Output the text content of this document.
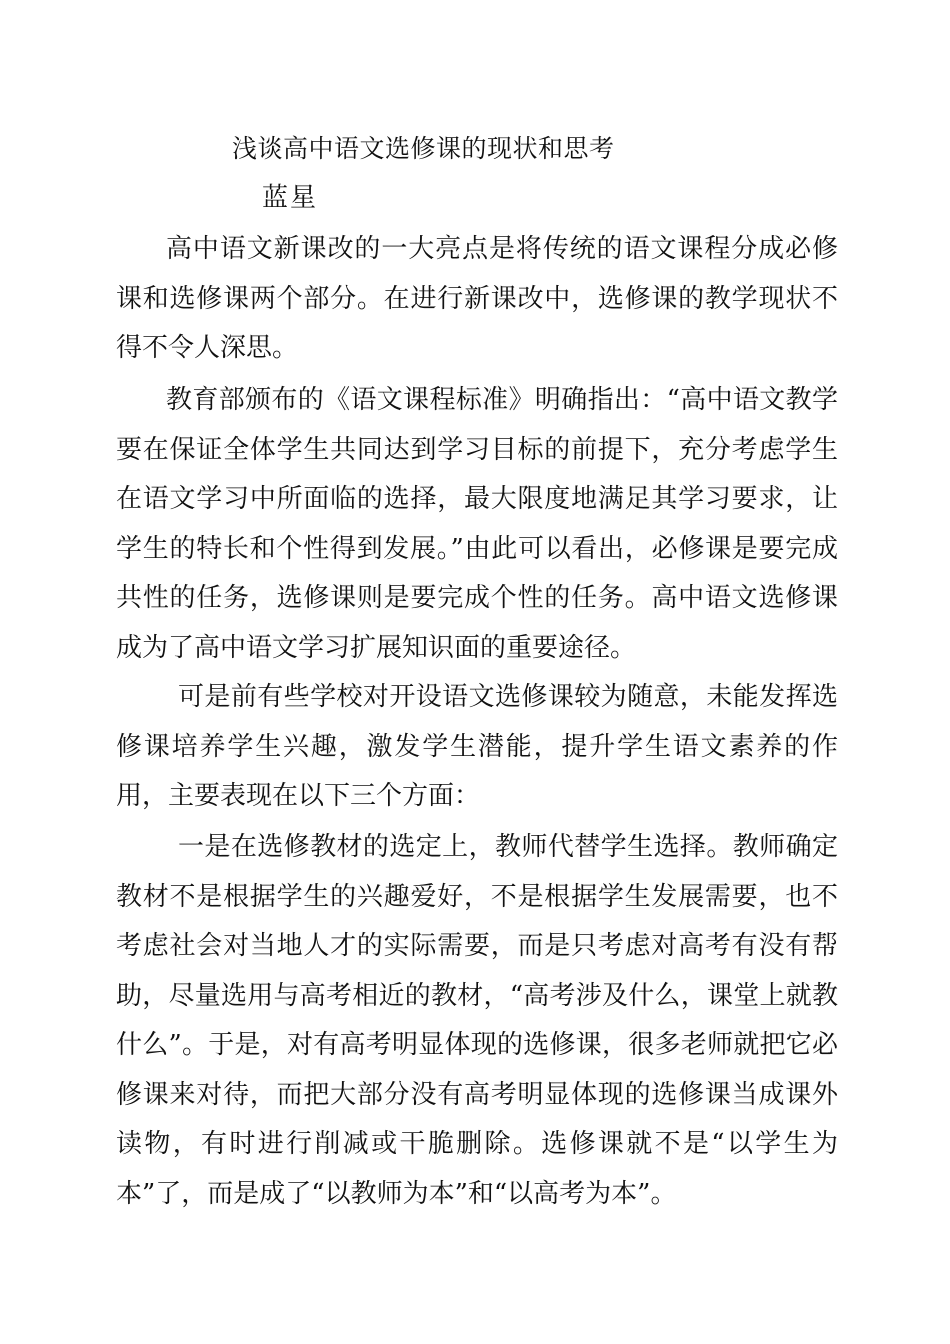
浅谈高中语文选修课的现状和思考
蓝星

高中语文新课改的一大亮点是将传统的语文课程分成必修课和选修课两个部分。在进行新课改中，选修课的教学现状不得不令人深思。

教育部颁布的《语文课程标准》明确指出：“高中语文教学要在保证全体学生共同达到学习目标的前提下，充分考虑学生在语文学习中所面临的选择，最大限度地满足其学习要求，让学生的特长和个性得到发展。”由此可以看出，必修课是要完成共性的任务，选修课则是要完成个性的任务。高中语文选修课成为了高中语文学习扩展知识面的重要途径。

可是前有些学校对开设语文选修课较为随意，未能发挥选修课培养学生兴趣，激发学生潜能，提升学生语文素养的作用，主要表现在以下三个方面：

一是在选修教材的选定上，教师代替学生选择。教师确定教材不是根据学生的兴趣爱好，不是根据学生发展需要，也不考虑社会对当地人才的实际需要，而是只考虑对高考有没有帮助，尽量选用与高考相近的教材，“高考涉及什么，课堂上就教什么”。于是，对有高考明显体现的选修课，很多老师就把它必修课来对待，而把大部分没有高考明显体现的选修课当成课外读物，有时进行削减或干脆删除。选修课就不是“以学生为本”了，而是成了“以教师为本”和“以高考为本”。
